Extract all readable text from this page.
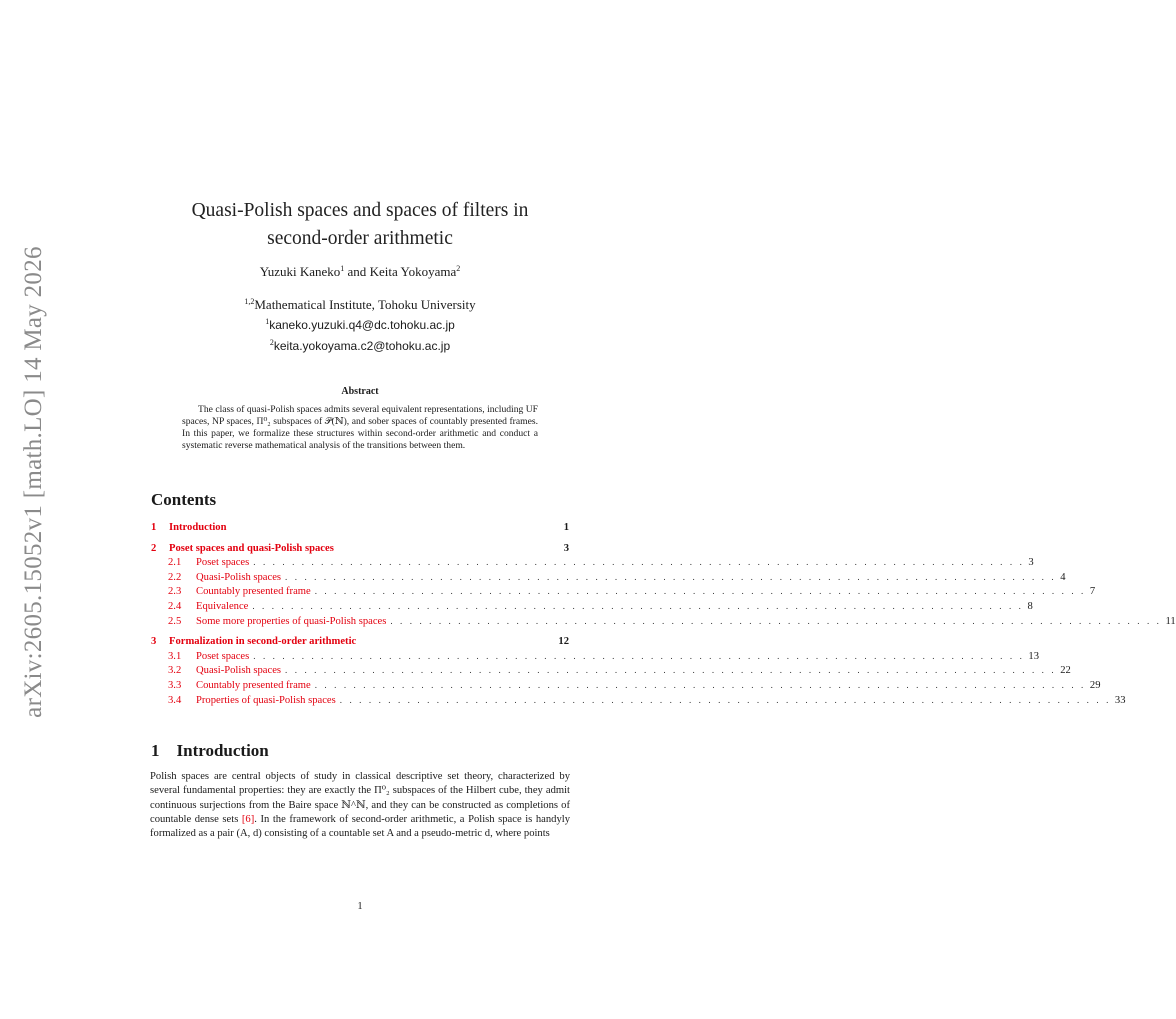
arXiv:2605.15052v1 [math.LO] 14 May 2026
Quasi-Polish spaces and spaces of filters in
second-order arithmetic
Yuzuki Kaneko$^1$ and Keita Yokoyama$^2$
$^{1,2}$Mathematical Institute, Tohoku University
$^1$kaneko.yuzuki.q4@dc.tohoku.ac.jp
$^2$keita.yokoyama.c2@tohoku.ac.jp
Abstract
The class of quasi-Polish spaces admits several equivalent representations, including UF spaces, NP spaces, Π⁰₂ subspaces of 𝒫(ℕ), and sober spaces of countably presented frames. In this paper, we formalize these structures within second-order arithmetic and conduct a systematic reverse mathematical analysis of the transitions between them.
Contents
1	Introduction	1
2	Poset spaces and quasi-Polish spaces	3
2.1	Poset spaces . . . . . . . . . . . . . . . . . . . . . . . . . . . . . . . . . . . . . . . . . . . . . . . . . . . . . . . . . . . . . . . . . . . . . . . . . . . . . . . . 3
2.2	Quasi-Polish spaces . . . . . . . . . . . . . . . . . . . . . . . . . . . . . . . . . . . . . . . . . . . . . . . . . . . . . . . . . . . . . . . . . . . . . . . . . . . . . . . . 4
2.3	Countably presented frame . . . . . . . . . . . . . . . . . . . . . . . . . . . . . . . . . . . . . . . . . . . . . . . . . . . . . . . . . . . . . . . . . . . . . . . . . . . . . . . . 7
2.4	Equivalence . . . . . . . . . . . . . . . . . . . . . . . . . . . . . . . . . . . . . . . . . . . . . . . . . . . . . . . . . . . . . . . . . . . . . . . . . . . . . . . . 8
2.5	Some more properties of quasi-Polish spaces . . . . . . . . . . . . . . . . . . . . . . . . . . . . . . . . . . . . . . . . . . . . . . . . . . . . . . . . . . . . . . . . . . . . . . . . . . . . . . . . 11
3	Formalization in second-order arithmetic	12
3.1	Poset spaces . . . . . . . . . . . . . . . . . . . . . . . . . . . . . . . . . . . . . . . . . . . . . . . . . . . . . . . . . . . . . . . . . . . . . . . . . . . . . . . . 13
3.2	Quasi-Polish spaces . . . . . . . . . . . . . . . . . . . . . . . . . . . . . . . . . . . . . . . . . . . . . . . . . . . . . . . . . . . . . . . . . . . . . . . . . . . . . . . . 22
3.3	Countably presented frame . . . . . . . . . . . . . . . . . . . . . . . . . . . . . . . . . . . . . . . . . . . . . . . . . . . . . . . . . . . . . . . . . . . . . . . . . . . . . . . . 29
3.4	Properties of quasi-Polish spaces . . . . . . . . . . . . . . . . . . . . . . . . . . . . . . . . . . . . . . . . . . . . . . . . . . . . . . . . . . . . . . . . . . . . . . . . . . . . . . . . 33
1 Introduction
Polish spaces are central objects of study in classical descriptive set theory, characterized by several fundamental properties: they are exactly the Π⁰₂ subspaces of the Hilbert cube, they admit continuous surjections from the Baire space ℕ^ℕ, and they can be constructed as completions of countable dense sets [6]. In the framework of second-order arithmetic, a Polish space is handyly formalized as a pair (A, d) consisting of a countable set A and a pseudo-metric d, where points
1
